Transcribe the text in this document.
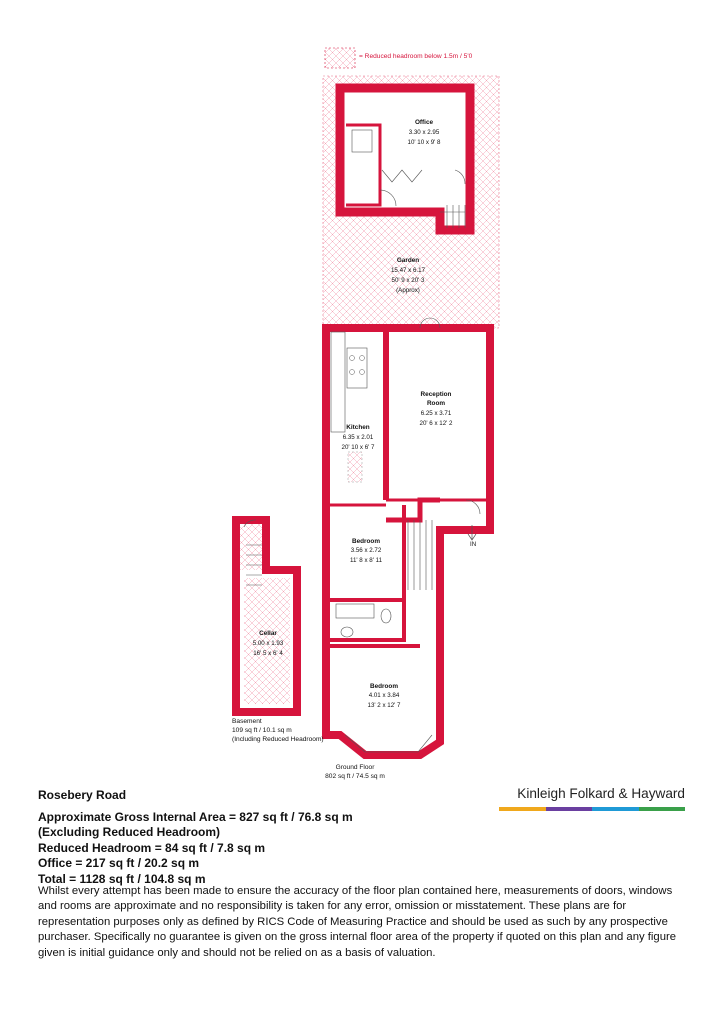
= Reduced headroom below 1.5m / 5'0
Office
3.30 x 2.95
10' 10 x 9' 8
Garden
15.47 x 6.17
50' 9 x 20' 3
(Approx)
IN
Reception
Room
6.25 x 3.71
20' 6 x 12' 2
Kitchen
6.35 x 2.01
20' 10 x 6' 7
Bedroom
3.56 x 2.72
11' 8 x 8' 11
Bedroom
4.01 x 3.84
13' 2 x 12' 7
Cellar
5.00 x 1.93
16' 5 x 6' 4
Basement
109 sq ft / 10.1 sq m
(Including Reduced Headroom)
Ground Floor
802 sq ft / 74.5 sq m
Rosebery Road
Approximate Gross Internal Area = 827 sq ft / 76.8 sq m
(Excluding Reduced Headroom)
Reduced Headroom = 84 sq ft / 7.8 sq m
Office = 217 sq ft / 20.2 sq m
Total = 1128 sq ft / 104.8 sq m
Whilst every attempt has been made to ensure the accuracy of the floor plan contained here, measurements of doors, windows and rooms are approximate and no responsibility is taken for any error, omission or misstatement. These plans are for representation purposes only as defined by RICS Code of Measuring Practice and should be used as such by any prospective purchaser. Specifically no guarantee is given on the gross internal floor area of the property if quoted on this plan and any figure given is initial guidance only and should not be relied on as a basis of valuation.
Kinleigh Folkard & Hayward
